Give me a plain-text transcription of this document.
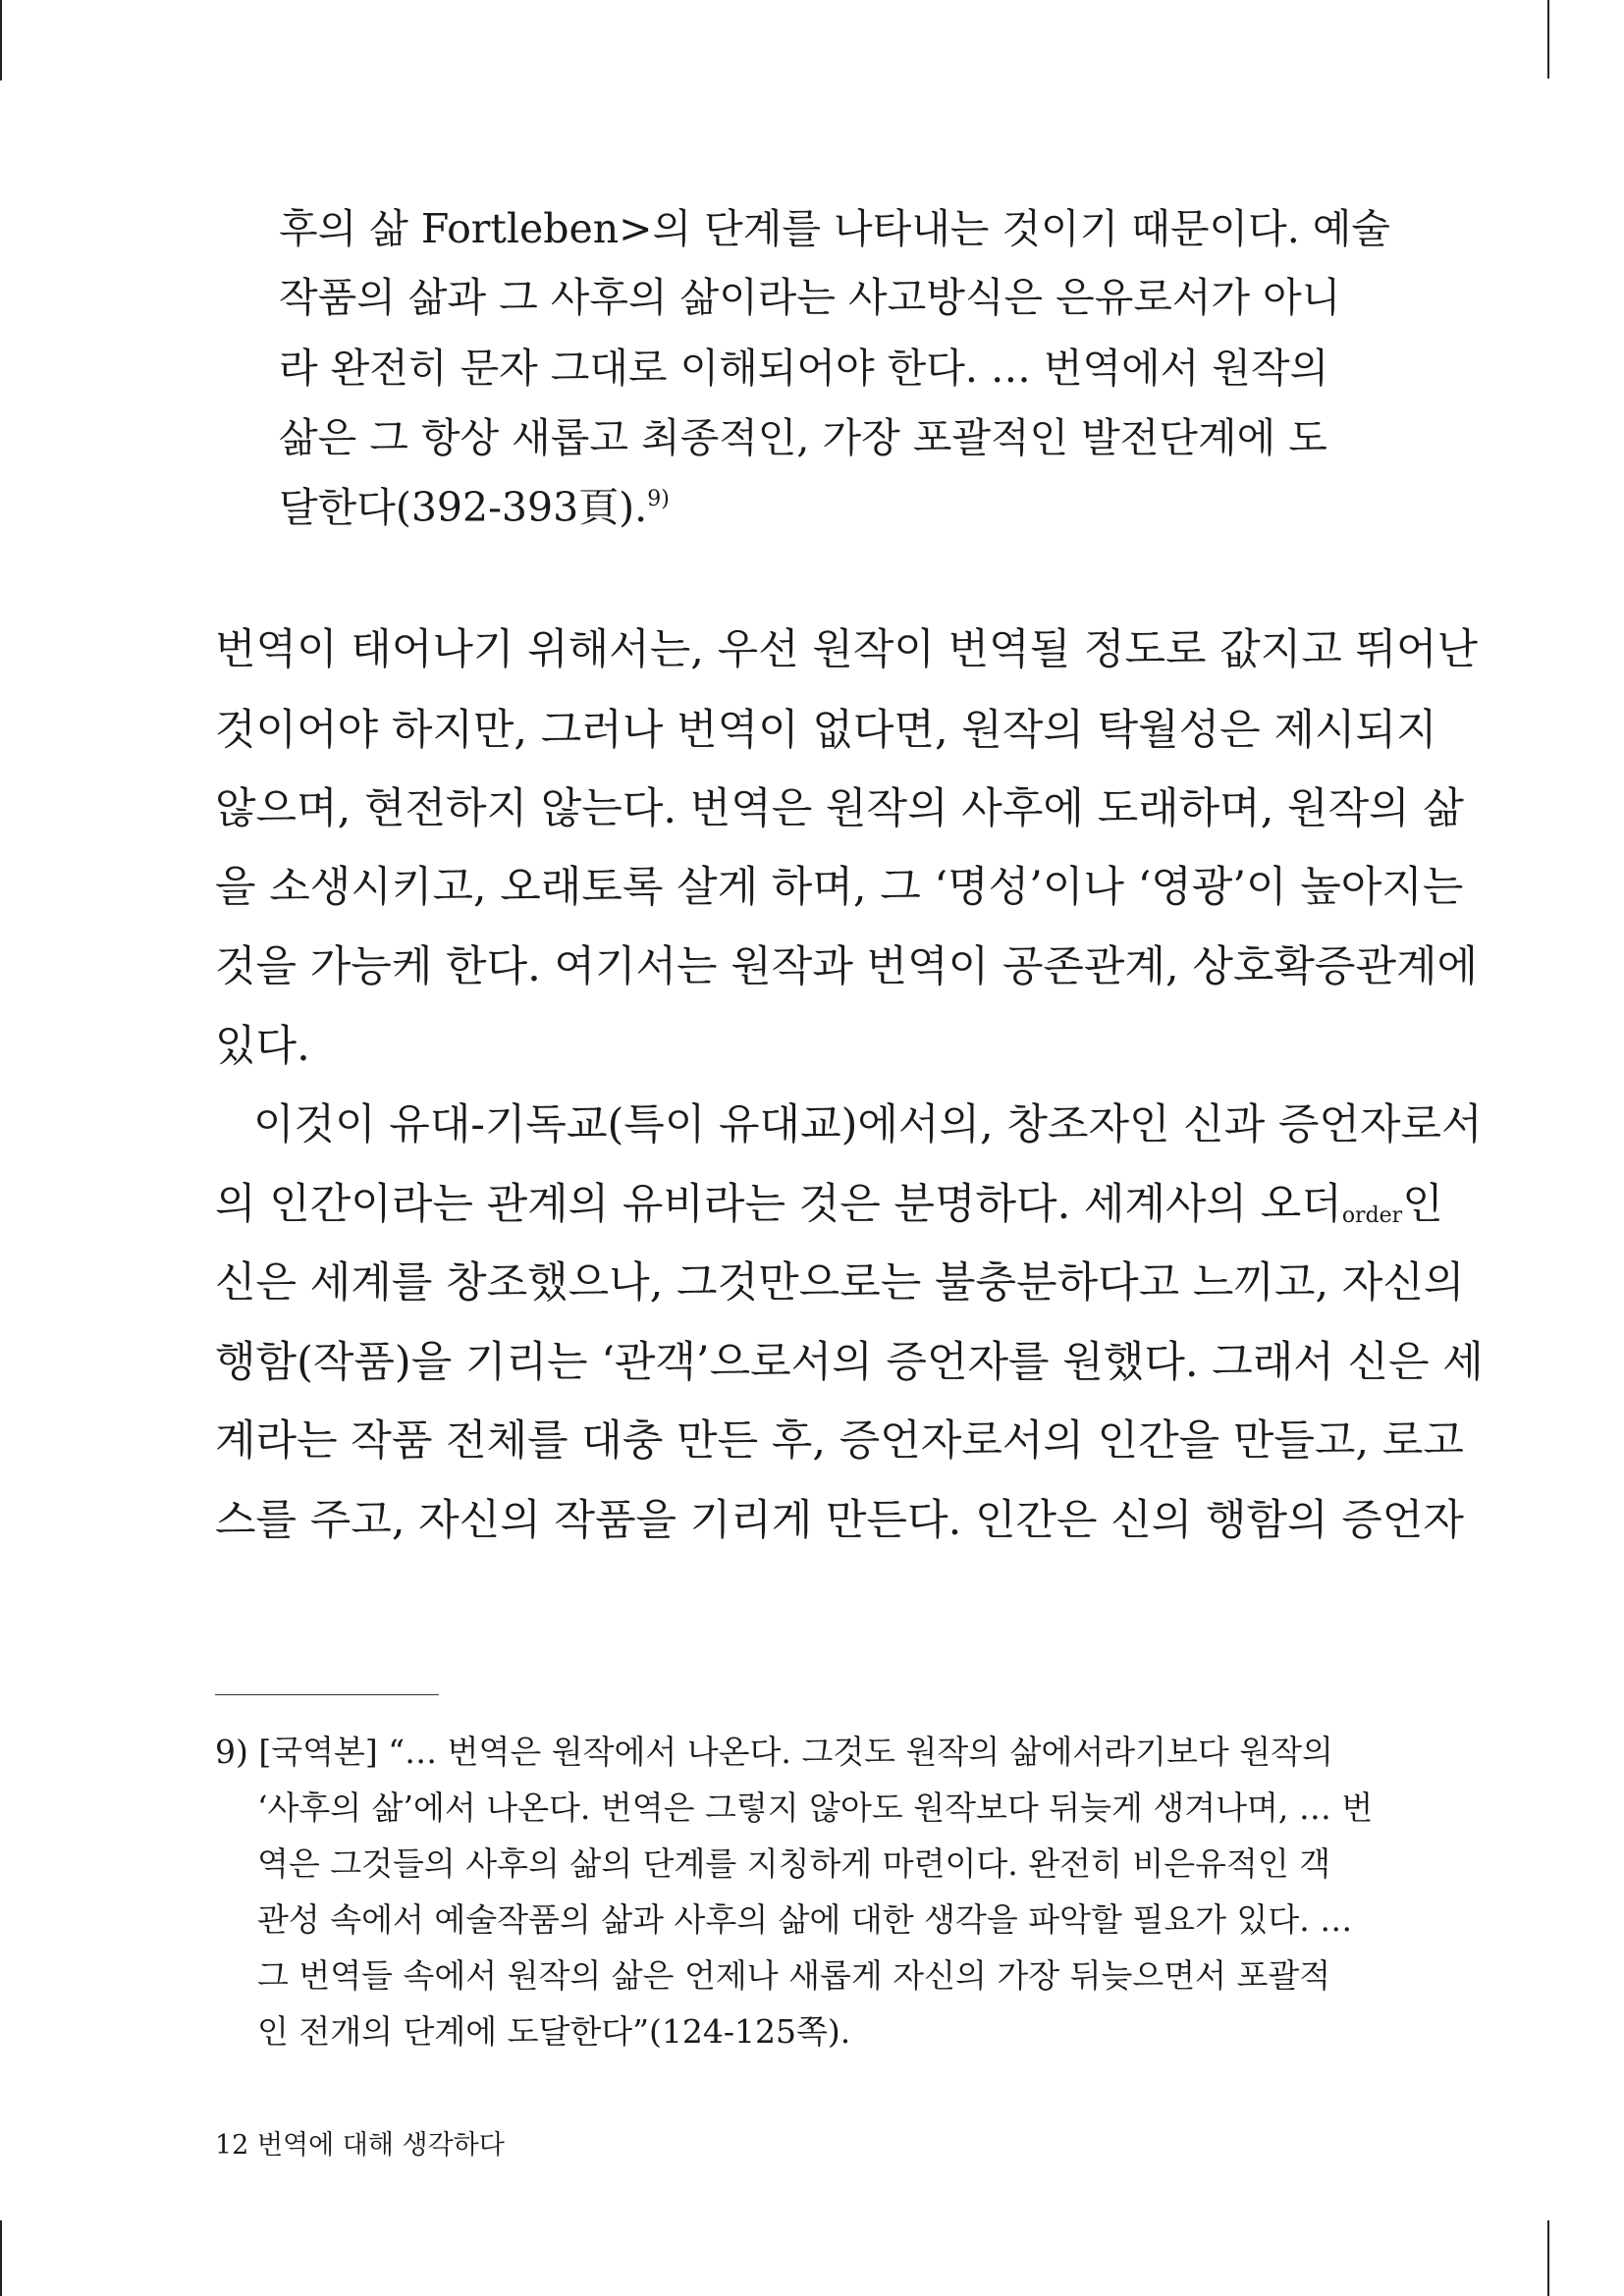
후의 삶 Fortleben>의 단계를 나타내는 것이기 때문이다. 예술
작품의 삶과 그 사후의 삶이라는 사고방식은 은유로서가 아니
라 완전히 문자 그대로 이해되어야 한다. … 번역에서 원작의
삶은 그 항상 새롭고 최종적인, 가장 포괄적인 발전단계에 도
달한다(392-393頁).$^{9)}$
번역이 태어나기 위해서는, 우선 원작이 번역될 정도로 값지고 뛰어난
것이어야 하지만, 그러나 번역이 없다면, 원작의 탁월성은 제시되지
않으며, 현전하지 않는다. 번역은 원작의 사후에 도래하며, 원작의 삶
을 소생시키고, 오래토록 살게 하며, 그 ‘명성’이나 ‘영광’이 높아지는
것을 가능케 한다. 여기서는 원작과 번역이 공존관계, 상호확증관계에
있다.
이것이 유대-기독교(특이 유대교)에서의, 창조자인 신과 증언자로서
의 인간이라는 관계의 유비라는 것은 분명하다. 세계사의 오더$_{order}$인
신은 세계를 창조했으나, 그것만으로는 불충분하다고 느끼고, 자신의
행함(작품)을 기리는 ‘관객’으로서의 증언자를 원했다. 그래서 신은 세
계라는 작품 전체를 대충 만든 후, 증언자로서의 인간을 만들고, 로고
스를 주고, 자신의 작품을 기리게 만든다. 인간은 신의 행함의 증언자
9) [국역본] “… 번역은 원작에서 나온다. 그것도 원작의 삶에서라기보다 원작의
‘사후의 삶’에서 나온다. 번역은 그렇지 않아도 원작보다 뒤늦게 생겨나며, … 번
역은 그것들의 사후의 삶의 단계를 지칭하게 마련이다. 완전히 비은유적인 객
관성 속에서 예술작품의 삶과 사후의 삶에 대한 생각을 파악할 필요가 있다. …
그 번역들 속에서 원작의 삶은 언제나 새롭게 자신의 가장 뒤늦으면서 포괄적
인 전개의 단계에 도달한다”(124-125쪽).
12 번역에 대해 생각하다
